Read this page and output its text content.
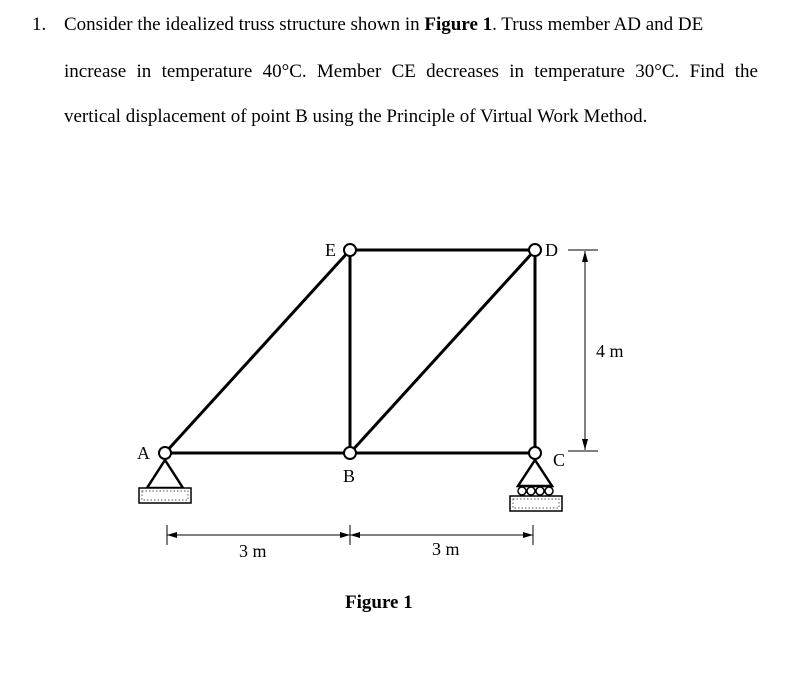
1. Consider the idealized truss structure shown in Figure 1. Truss member AD and DE
increase in temperature 40°C. Member CE decreases in temperature 30°C. Find the
vertical displacement of point B using the Principle of Virtual Work Method.
A
B
C
D
E
3 m	3 m
4 m
Figure 1
